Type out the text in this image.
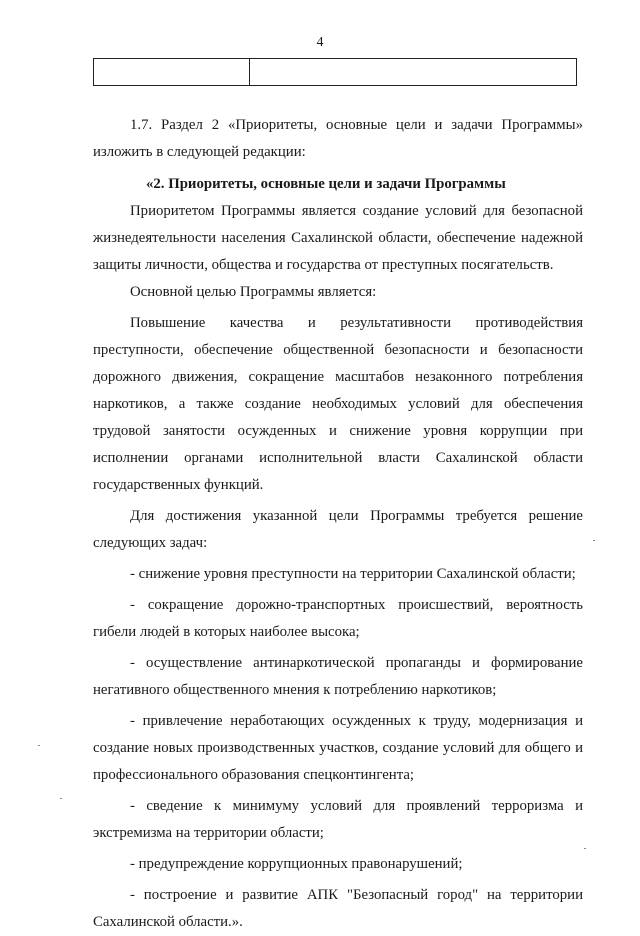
4

1.7. Раздел 2 «Приоритеты, основные цели и задачи Программы» изложить в следующей редакции:

«2. Приоритеты, основные цели и задачи Программы

Приоритетом Программы является создание условий для безопасной жизнедеятельности населения Сахалинской области, обеспечение надежной защиты личности, общества и государства от преступных посягательств.

Основной целью Программы является:

Повышение качества и результативности противодействия преступности, обеспечение общественной безопасности и безопасности дорожного движения, сокращение масштабов незаконного потребления наркотиков, а также создание необходимых условий для обеспечения трудовой занятости осужденных и снижение уровня коррупции при исполнении органами исполнительной власти Сахалинской области государственных функций.

Для достижения указанной цели Программы требуется решение следующих задач:

- снижение уровня преступности на территории Сахалинской области;

- сокращение дорожно-транспортных происшествий, вероятность гибели людей в которых наиболее высока;

- осуществление антинаркотической пропаганды и формирование негативного общественного мнения к потреблению наркотиков;

- привлечение неработающих осужденных к труду, модернизация и создание новых производственных участков, создание условий для общего и профессионального образования спецконтингента;

- сведение к минимуму условий для проявлений терроризма и экстремизма на территории области;

- предупреждение коррупционных правонарушений;

- построение и развитие АПК "Безопасный город" на территории Сахалинской области.».
